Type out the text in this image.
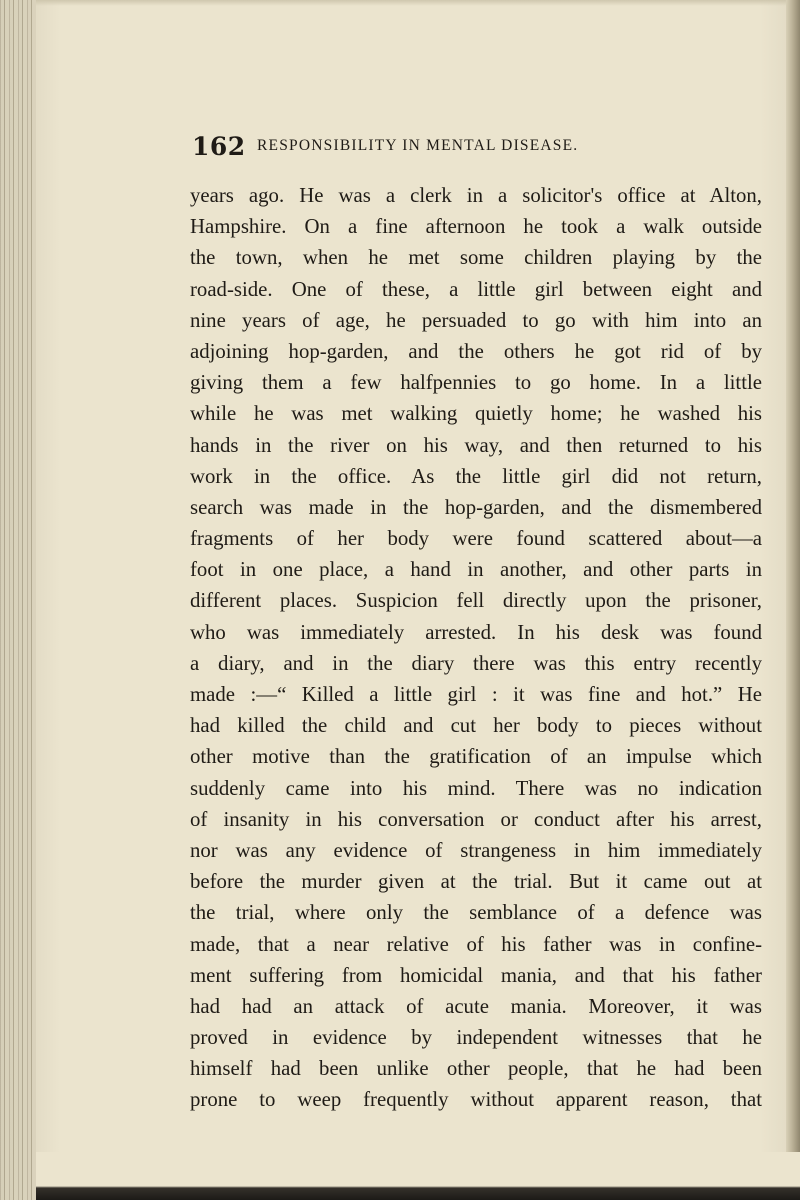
162 RESPONSIBILITY IN MENTAL DISEASE.
years ago. He was a clerk in a solicitor's office at Alton,
Hampshire. On a fine afternoon he took a walk outside
the town, when he met some children playing by the
road-side. One of these, a little girl between eight and
nine years of age, he persuaded to go with him into an
adjoining hop-garden, and the others he got rid of by
giving them a few halfpennies to go home. In a little
while he was met walking quietly home; he washed his
hands in the river on his way, and then returned to his
work in the office. As the little girl did not return,
search was made in the hop-garden, and the dismembered
fragments of her body were found scattered about—a
foot in one place, a hand in another, and other parts in
different places. Suspicion fell directly upon the prisoner,
who was immediately arrested. In his desk was found
a diary, and in the diary there was this entry recently
made :—“ Killed a little girl : it was fine and hot.” He
had killed the child and cut her body to pieces without
other motive than the gratification of an impulse which
suddenly came into his mind. There was no indication
of insanity in his conversation or conduct after his arrest,
nor was any evidence of strangeness in him immediately
before the murder given at the trial. But it came out at
the trial, where only the semblance of a defence was
made, that a near relative of his father was in confine-
ment suffering from homicidal mania, and that his father
had had an attack of acute mania. Moreover, it was
proved in evidence by independent witnesses that he
himself had been unlike other people, that he had been
prone to weep frequently without apparent reason, that
